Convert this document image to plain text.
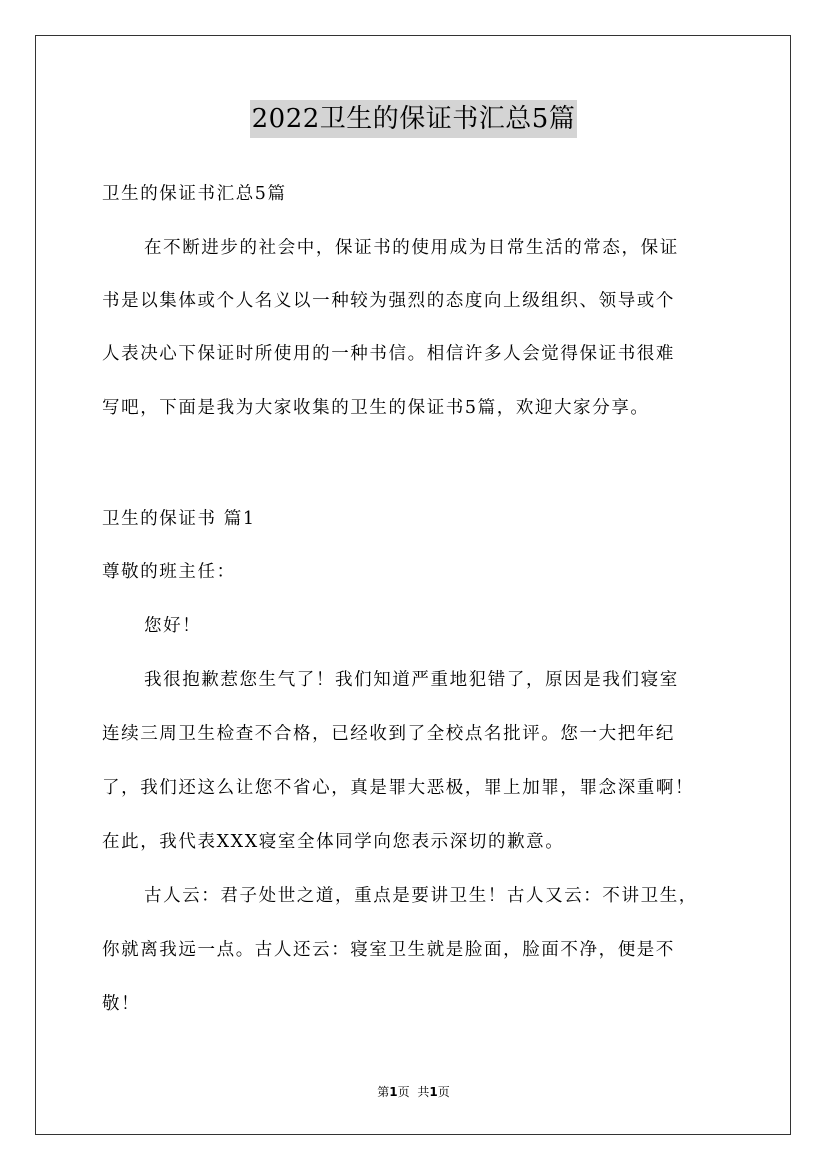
2022卫生的保证书汇总5篇
卫生的保证书汇总5篇
在不断进步的社会中，保证书的使用成为日常生活的常态，保证
书是以集体或个人名义以一种较为强烈的态度向上级组织、领导或个
人表决心下保证时所使用的一种书信。相信许多人会觉得保证书很难
写吧，下面是我为大家收集的卫生的保证书5篇，欢迎大家分享。
卫生的保证书 篇1
尊敬的班主任：
您好！
我很抱歉惹您生气了！我们知道严重地犯错了，原因是我们寝室
连续三周卫生检查不合格，已经收到了全校点名批评。您一大把年纪
了，我们还这么让您不省心，真是罪大恶极，罪上加罪，罪念深重啊！
在此，我代表XXX寝室全体同学向您表示深切的歉意。
古人云：君子处世之道，重点是要讲卫生！古人又云：不讲卫生，
你就离我远一点。古人还云：寝室卫生就是脸面，脸面不净，便是不
敬！
第1页 共1页
